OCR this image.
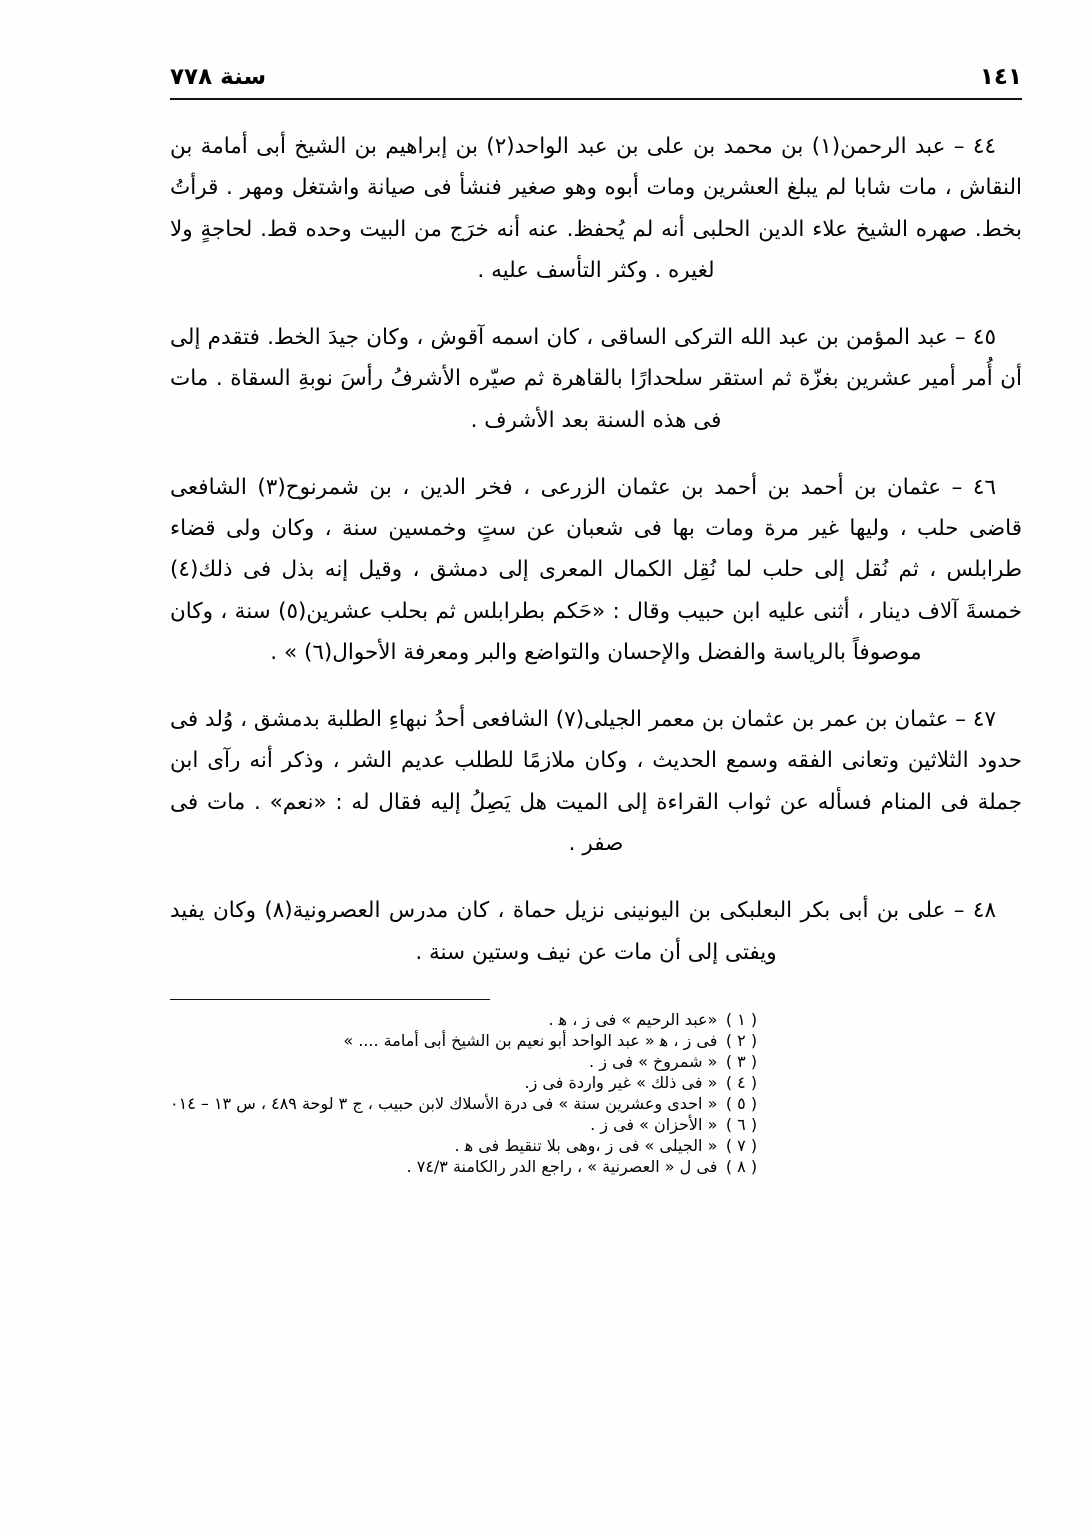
سنة ٧٧٨	١٤١

٤٤ – عبد الرحمن(١) بن محمد بن على بن عبد الواحد(٢) بن إبراهيم بن الشيخ أبى أمامة بن النقاش ، مات شابا لم يبلغ العشرين ومات أبوه وهو صغير فنشأ فى صيانة واشتغل ومهر . قرأتُ بخط. صهره الشيخ علاء الدين الحلبى أنه لم يُحفظ. عنه أنه خرَج من البيت وحده قط. لحاجةٍ ولا لغيره . وكثر التأسف عليه .

٤٥ – عبد المؤمن بن عبد الله التركى الساقى ، كان اسمه آقوش ، وكان جيدَ الخط. فتقدم إلى أن أُمر أمير عشرين بغزّة ثم استقر سلحدارًا بالقاهرة ثم صيّره الأشرفُ رأسَ نوبةِ السقاة . مات فى هذه السنة بعد الأشرف .

٤٦ – عثمان بن أحمد بن أحمد بن عثمان الزرعى ، فخر الدين ، بن شمرنوح(٣) الشافعى قاضى حلب ، وليها غير مرة ومات بها فى شعبان عن ستٍ وخمسين سنة ، وكان ولى قضاء طرابلس ، ثم نُقل إلى حلب لما نُقِل الكمال المعرى إلى دمشق ، وقيل إنه بذل فى ذلك(٤) خمسةَ آلاف دينار ، أثنى عليه ابن حبيب وقال : «حَكم بطرابلس ثم بحلب عشرين(٥) سنة ، وكان موصوفاً بالرياسة والفضل والإحسان والتواضع والبر ومعرفة الأحوال(٦) » .

٤٧ – عثمان بن عمر بن عثمان بن معمر الجيلى(٧) الشافعى أحدُ نبهاءِ الطلبة بدمشق ، وُلد فى حدود الثلاثين وتعانى الفقه وسمع الحديث ، وكان ملازمًا للطلب عديم الشر ، وذكر أنه رآى ابن جملة فى المنام فسأله عن ثواب القراءة إلى الميت هل يَصِلُ إليه فقال له : «نعم» . مات فى صفر .

٤٨ – على بن أبى بكر البعلبكى بن اليونينى نزيل حماة ، كان مدرس العصرونية(٨) وكان يفيد ويفتى إلى أن مات عن نيف وستين سنة .

( ١ ) «عبد الرحيم » فى ز ، ﻫ .
( ٢ ) فى ز ، ﻫ « عبد الواحد أبو نعيم بن الشيخ أبى أمامة .... »
( ٣ ) « شمروخ » فى ز .
( ٤ ) « فى ذلك » غير واردة فى ز.
( ٥ ) « احدى وعشرين سنة » فى درة الأسلاك لابن حبيب ، ج ٣ لوحة ٤٨٩ ، س ١٣ – ٠١٤
( ٦ ) « الأحزان » فى ز .
( ٧ ) « الجيلى » فى ز ،وهى بلا تنقيط فى ﻫ .
( ٨ ) فى ل « العصرنية » ، راجع الدر رالكامنة ٧٤/٣ .
